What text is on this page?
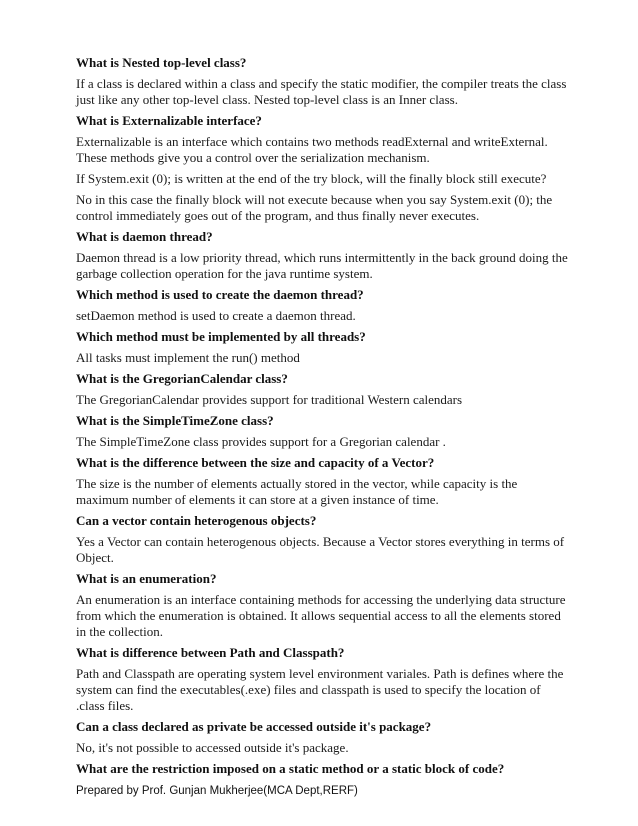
What is Nested top-level class?

If a class is declared within a class and specify the static modifier, the compiler treats the class just like any other top-level class. Nested top-level class is an Inner class.

What is Externalizable interface?

Externalizable is an interface which contains two methods readExternal and writeExternal. These methods give you a control over the serialization mechanism.

If System.exit (0); is written at the end of the try block, will the finally block still execute?

No in this case the finally block will not execute because when you say System.exit (0); the control immediately goes out of the program, and thus finally never executes.

What is daemon thread?

Daemon thread is a low priority thread, which runs intermittently in the back ground doing the garbage collection operation for the java runtime system.

Which method is used to create the daemon thread?

setDaemon method is used to create a daemon thread.

Which method must be implemented by all threads?

All tasks must implement the run() method

What is the GregorianCalendar class?

The GregorianCalendar provides support for traditional Western calendars

What is the SimpleTimeZone class?

The SimpleTimeZone class provides support for a Gregorian calendar .

What is the difference between the size and capacity of a Vector?

The size is the number of elements actually stored in the vector, while capacity is the maximum number of elements it can store at a given instance of time.

Can a vector contain heterogenous objects?

Yes a Vector can contain heterogenous objects. Because a Vector stores everything in terms of Object.

What is an enumeration?

An enumeration is an interface containing methods for accessing the underlying data structure from which the enumeration is obtained. It allows sequential access to all the elements stored in the collection.

What is difference between Path and Classpath?

Path and Classpath are operating system level environment variales. Path is defines where the system can find the executables(.exe) files and classpath is used to specify the location of .class files.

Can a class declared as private be accessed outside it's package?

No, it's not possible to accessed outside it's package.

What are the restriction imposed on a static method or a static block of code?

Prepared by Prof. Gunjan Mukherjee(MCA Dept,RERF)
